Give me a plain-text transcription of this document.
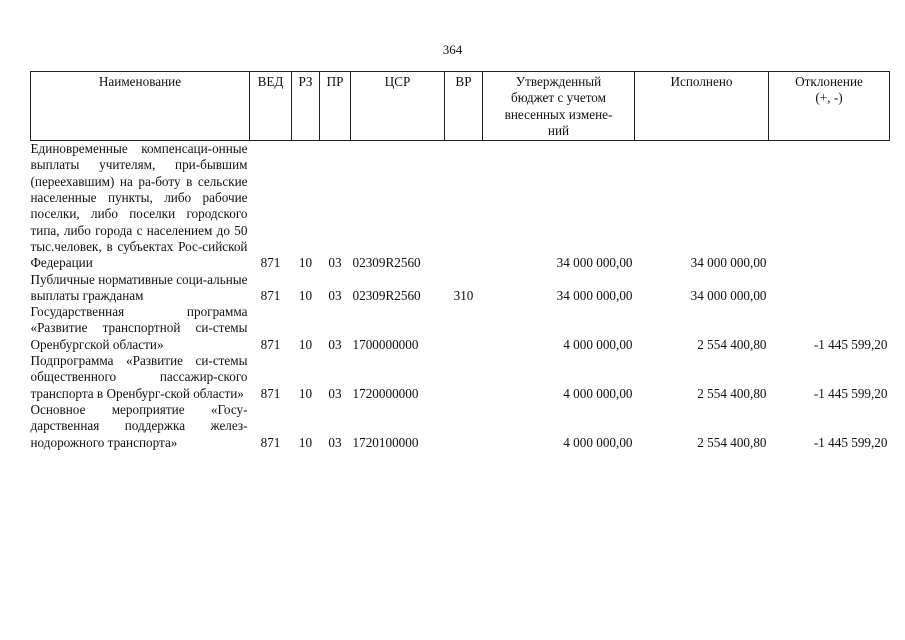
364
Наименование	ВЕД	РЗ	ПР	ЦСР	ВР	Утвержденный бюджет с учетом внесенных измене-ний	Исполнено	Отклонение (+, -)
Единовременные компенсаци-онные выплаты учителям, при-бывшим (переехавшим) на ра-боту в сельские населенные пункты, либо рабочие поселки, либо поселки городского типа, либо города с населением до 50 тыс.человек, в субъектах Рос-сийской Федерации	871	10	03	02309R2560		34 000 000,00	34 000 000,00	
Публичные нормативные соци-альные выплаты гражданам	871	10	03	02309R2560	310	34 000 000,00	34 000 000,00	
Государственная программа «Развитие транспортной си-стемы Оренбургской области»	871	10	03	1700000000		4 000 000,00	2 554 400,80	-1 445 599,20
Подпрограмма «Развитие си-стемы общественного пассажир-ского транспорта в Оренбург-ской области»	871	10	03	1720000000		4 000 000,00	2 554 400,80	-1 445 599,20
Основное мероприятие «Госу-дарственная поддержка желез-нодорожного транспорта»	871	10	03	1720100000		4 000 000,00	2 554 400,80	-1 445 599,20
